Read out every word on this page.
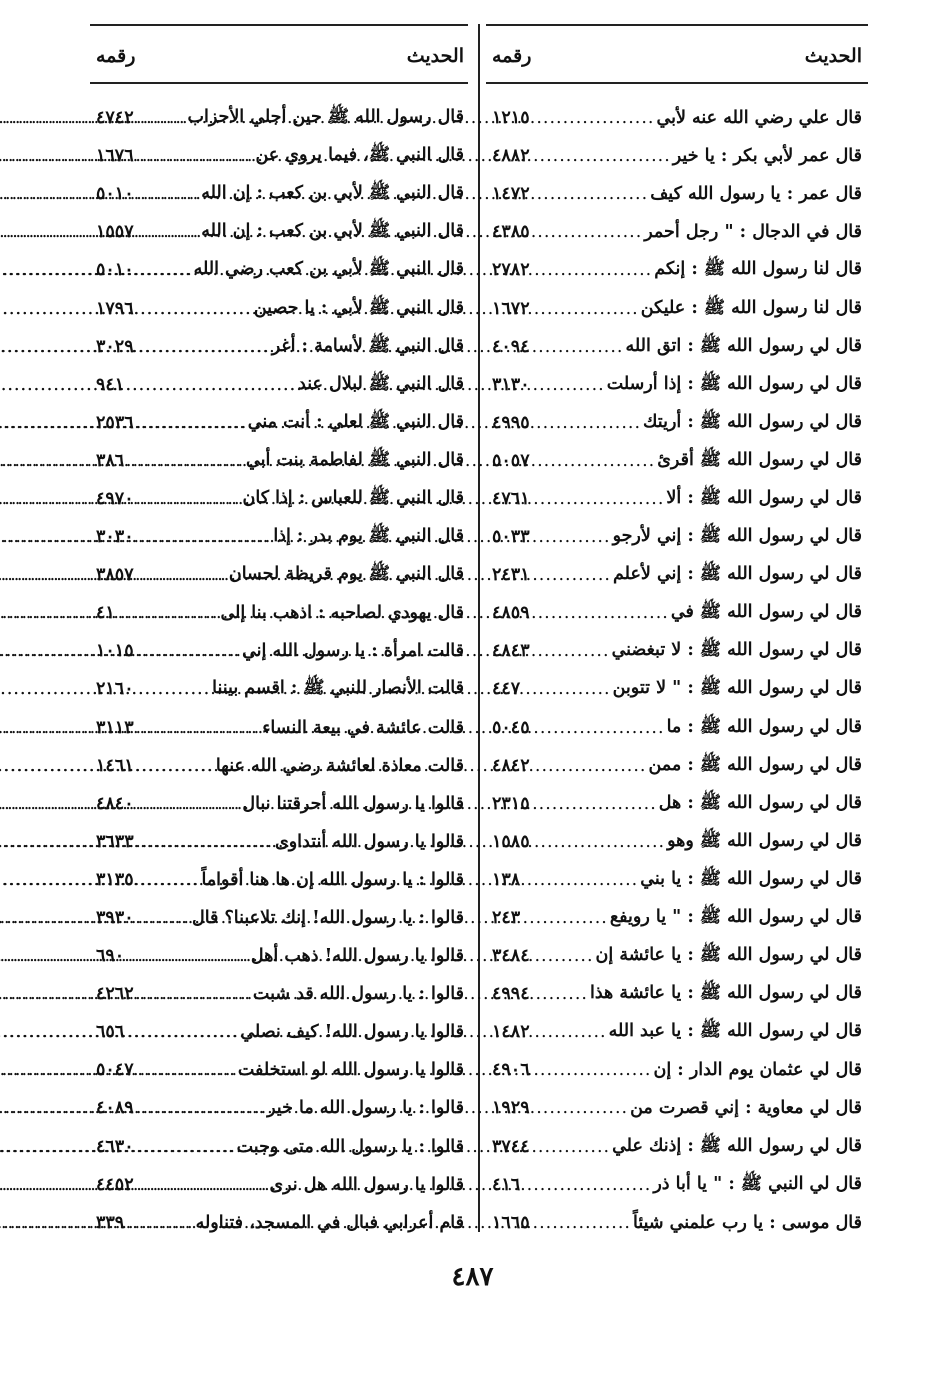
الحديث
رقمه
قال علي رضي الله عنه لأبي
.....
١٢١٥
قال عمر لأبي بكر : يا خير
.....
٤٨٨٢
قال عمر : يا رسول الله كيف
.....
١٤٧٢
قال في الدجال : " رجل أحمر
.....
٤٣٨٥
قال لنا رسول الله ﷺ : إنكم
.....
٢٧٨٢
قال لنا رسول الله ﷺ : عليكن
.....
١٦٧٢
قال لي رسول الله ﷺ : اتق الله
.....
٤٠٩٤
قال لي رسول الله ﷺ : إذا أرسلت
.....
٣١٣٠
قال لي رسول الله ﷺ : أريتك
.....
٤٩٩٥
قال لي رسول الله ﷺ أقرئ
.....
٥٠٥٧
قال لي رسول الله ﷺ : ألا
.....
٤٧٦١
قال لي رسول الله ﷺ : إني لأرجو
.....
٥٠٣٣
قال لي رسول الله ﷺ : إني لأعلم
.....
٢٤٣١
قال لي رسول الله ﷺ في
.....
٤٨٥٩
قال لي رسول الله ﷺ : لا تبغضني
.....
٤٨٤٣
قال لي رسول الله ﷺ : " لا تتوبن
.....
٤٤٧
قال لي رسول الله ﷺ : ما
.....
٥٠٤٥
قال لي رسول الله ﷺ : ممن
.....
٤٨٤٢
قال لي رسول الله ﷺ : هل
.....
٢٣١٥
قال لي رسول الله ﷺ وهو
.....
١٥٨٥
قال لي رسول الله ﷺ : يا بني
.....
١٣٨
قال لي رسول الله ﷺ : " يا رويفع
.....
٢٤٣
قال لي رسول الله ﷺ : يا عائشة إن
.....
٣٤٨٤
قال لي رسول الله ﷺ : يا عائشة هذا
.....
٤٩٩٤
قال لي رسول الله ﷺ : يا عبد الله
.....
١٤٨٢
قال لي عثمان يوم الدار : إن
.....
٤٩٠٦
قال لي معاوية : إني قصرت من
.....
١٩٢٩
قال لي رسول الله ﷺ : إذنك علي
.....
٣٧٤٤
قال لي النبي ﷺ : " يا أبا ذر
.....
٤١٦
قال موسى : يا رب علمني شيئاً
.....
١٦٦٥
الحديث
رقمه
قال رسول الله ﷺ حين أجلي الأحزاب
.....
٤٧٤٢
قال النبي ﷺ، فيما يروي عن
.....
١٦٧٦
قال النبي ﷺ لأبي بن كعب : إن الله
.....
٥٠١٠
قال النبي ﷺ لأبي بن كعب : إن الله
.....
١٥٥٧
قال النبي ﷺ لأبي بن كعب رضي الله
.....
٥٠١٠
قال النبي ﷺ لأبي : يا حصين
.....
١٧٩٦
قال النبي ﷺ لأسامة : أغر
.....
٣٠٢٩
قال النبي ﷺ لبلال عند
.....
٩٤١
قال النبي ﷺ لعلي : أنت مني
.....
٢٥٣٦
قال النبي ﷺ لفاطمة بنت أبي
.....
٣٨٦
قال النبي ﷺ للعباس : إذا كان
.....
٤٩٧٠
قال النبي ﷺ يوم بدر : إذا
.....
٣٠٣٠
قال النبي ﷺ يوم قريظة لحسان
.....
٣٨٥٧
قال يهودي لصاحبه : اذهب بنا إلى
.....
٤١
قالت امرأة : يا رسول الله إني
.....
١٠١٥
قالت الأنصار للنبي ﷺ : اقسم بيننا
.....
٢١٦٠
قالت عائشة في بيعة النساء
.....
٣١١٣
قالت معاذة لعائشة رضي الله عنها
.....
١٤٦١
قالوا يا رسول الله أحرقتنا نبال
.....
٤٨٤٠
قالوا يا رسول الله أنتداوى
.....
٣٦٣٣
قالوا : يا رسول الله إن ها هنا أقواماً
.....
٣١٣٥
قالوا : يا رسول الله! إنك تلاعبنا؟ قال
.....
٣٩٣٠
قالوا يا رسول الله! ذهب أهل
.....
٦٩٠
قالوا : يا رسول الله قد شبت
.....
٤٢٦٢
قالوا يا رسول الله! كيف نصلي
.....
٦٥٦
قالوا يا رسول الله لو استخلفت
.....
٥٠٤٧
قالوا : يا رسول الله ما خير
.....
٤٠٨٩
قالوا : يا رسول الله متى وجبت
.....
٤٦٣٠
قالوا يا رسول الله هل نرى
.....
٤٤٥٢
قام أعرابي فبال في المسجد، فتناوله
.....
٣٣٩
٤٨٧
